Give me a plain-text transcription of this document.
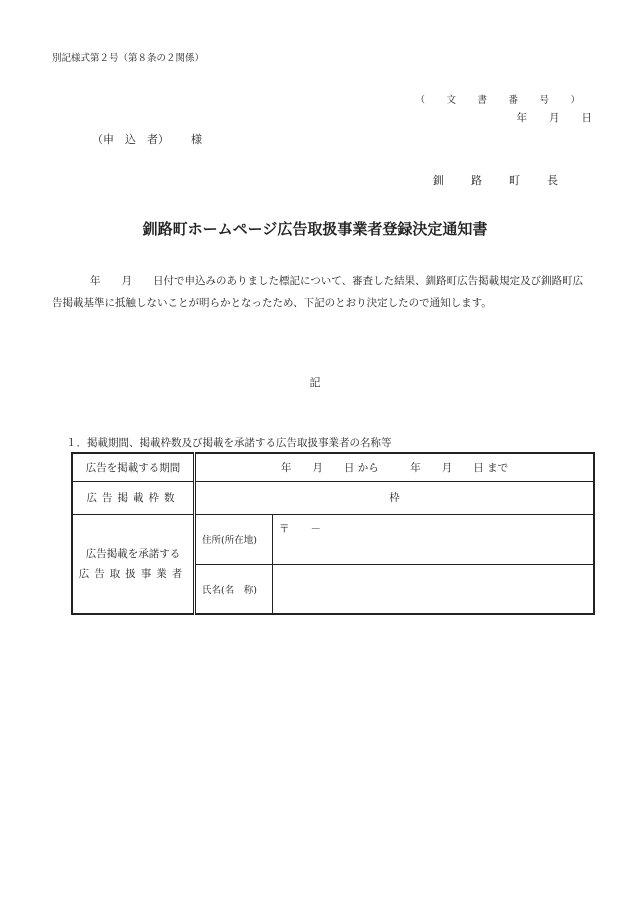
別記様式第２号（第８条の２関係）
（　文　書　番　号　）
年 月 日
（申　込　者） 様
釧　路　町　長
釧路町ホームページ広告取扱事業者登録決定通知書
年　　月　　日付で申込みのありました標記について、審査した結果、釧路町広告掲載規定及び釧路町広告掲載基準に抵触しないことが明らかとなったため、下記のとおり決定したので通知します。
記
１．掲載期間、掲載枠数及び掲載を承諾する広告取扱事業者の名称等
広告を掲載する期間	年　　月　　日 から　　　年　　月　　日 まで	
広告掲載枠数	枠	

広告掲載を承諾する
広告取扱事業者	住所(所在地)	〒　　－
	氏名(名　称)	
